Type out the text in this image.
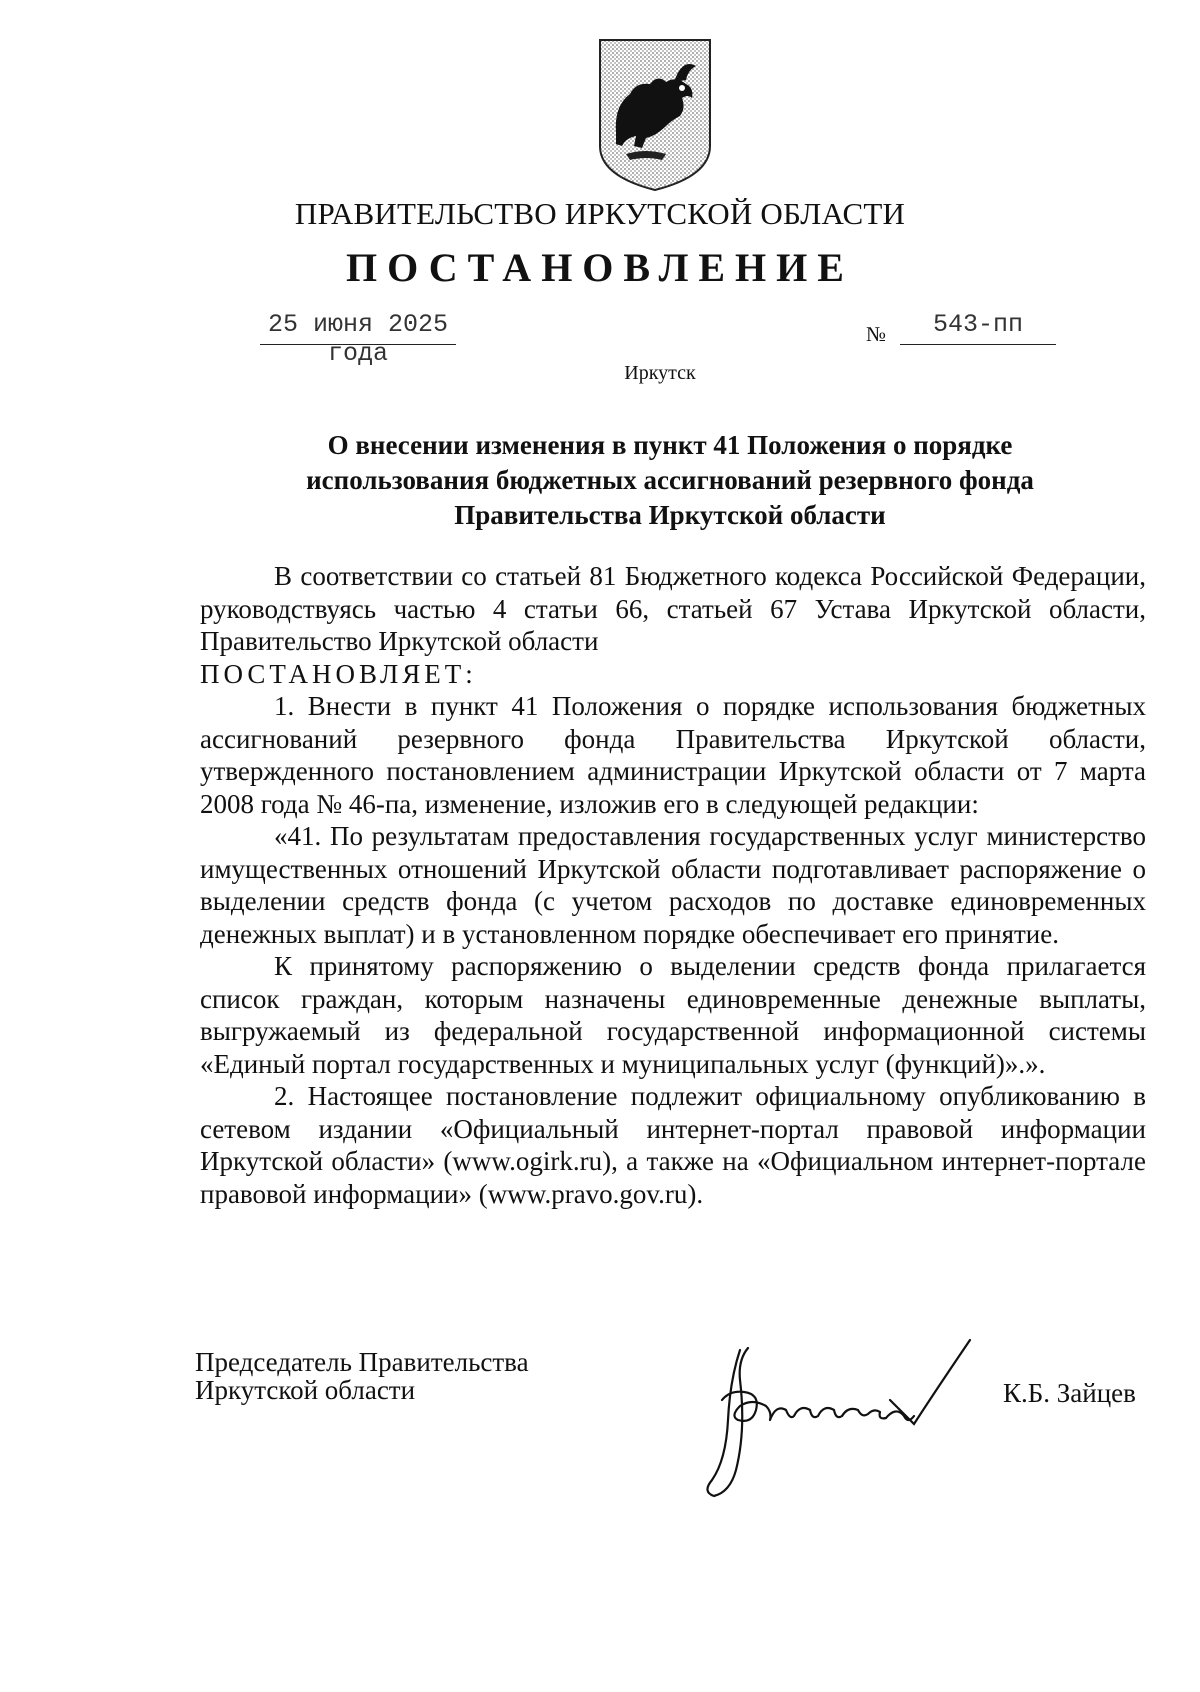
ПРАВИТЕЛЬСТВО ИРКУТСКОЙ ОБЛАСТИ
ПОСТАНОВЛЕНИЕ
25 июня 2025 года
№	543-пп
Иркутск
О внесении изменения в пункт 41 Положения о порядке использования бюджетных ассигнований резервного фонда Правительства Иркутской области

В соответствии со статьей 81 Бюджетного кодекса Российской Федерации, руководствуясь частью 4 статьи 66, статьей 67 Устава Иркутской области, Правительство Иркутской области

ПОСТАНОВЛЯЕТ:

1. Внести в пункт 41 Положения о порядке использования бюджетных ассигнований резервного фонда Правительства Иркутской области, утвержденного постановлением администрации Иркутской области от 7 марта 2008 года № 46-па, изменение, изложив его в следующей редакции:

«41. По результатам предоставления государственных услуг министерство имущественных отношений Иркутской области подготавливает распоряжение о выделении средств фонда (с учетом расходов по доставке единовременных денежных выплат) и в установленном порядке обеспечивает его принятие.

К принятому распоряжению о выделении средств фонда прилагается список граждан, которым назначены единовременные денежные выплаты, выгружаемый из федеральной государственной информационной системы «Единый портал государственных и муниципальных услуг (функций)».».

2. Настоящее постановление подлежит официальному опубликованию в сетевом издании «Официальный интернет-портал правовой информации Иркутской области» (www.ogirk.ru), а также на «Официальном интернет-портале правовой информации» (www.pravo.gov.ru).

Председатель Правительства
Иркутской области	К.Б. Зайцев
